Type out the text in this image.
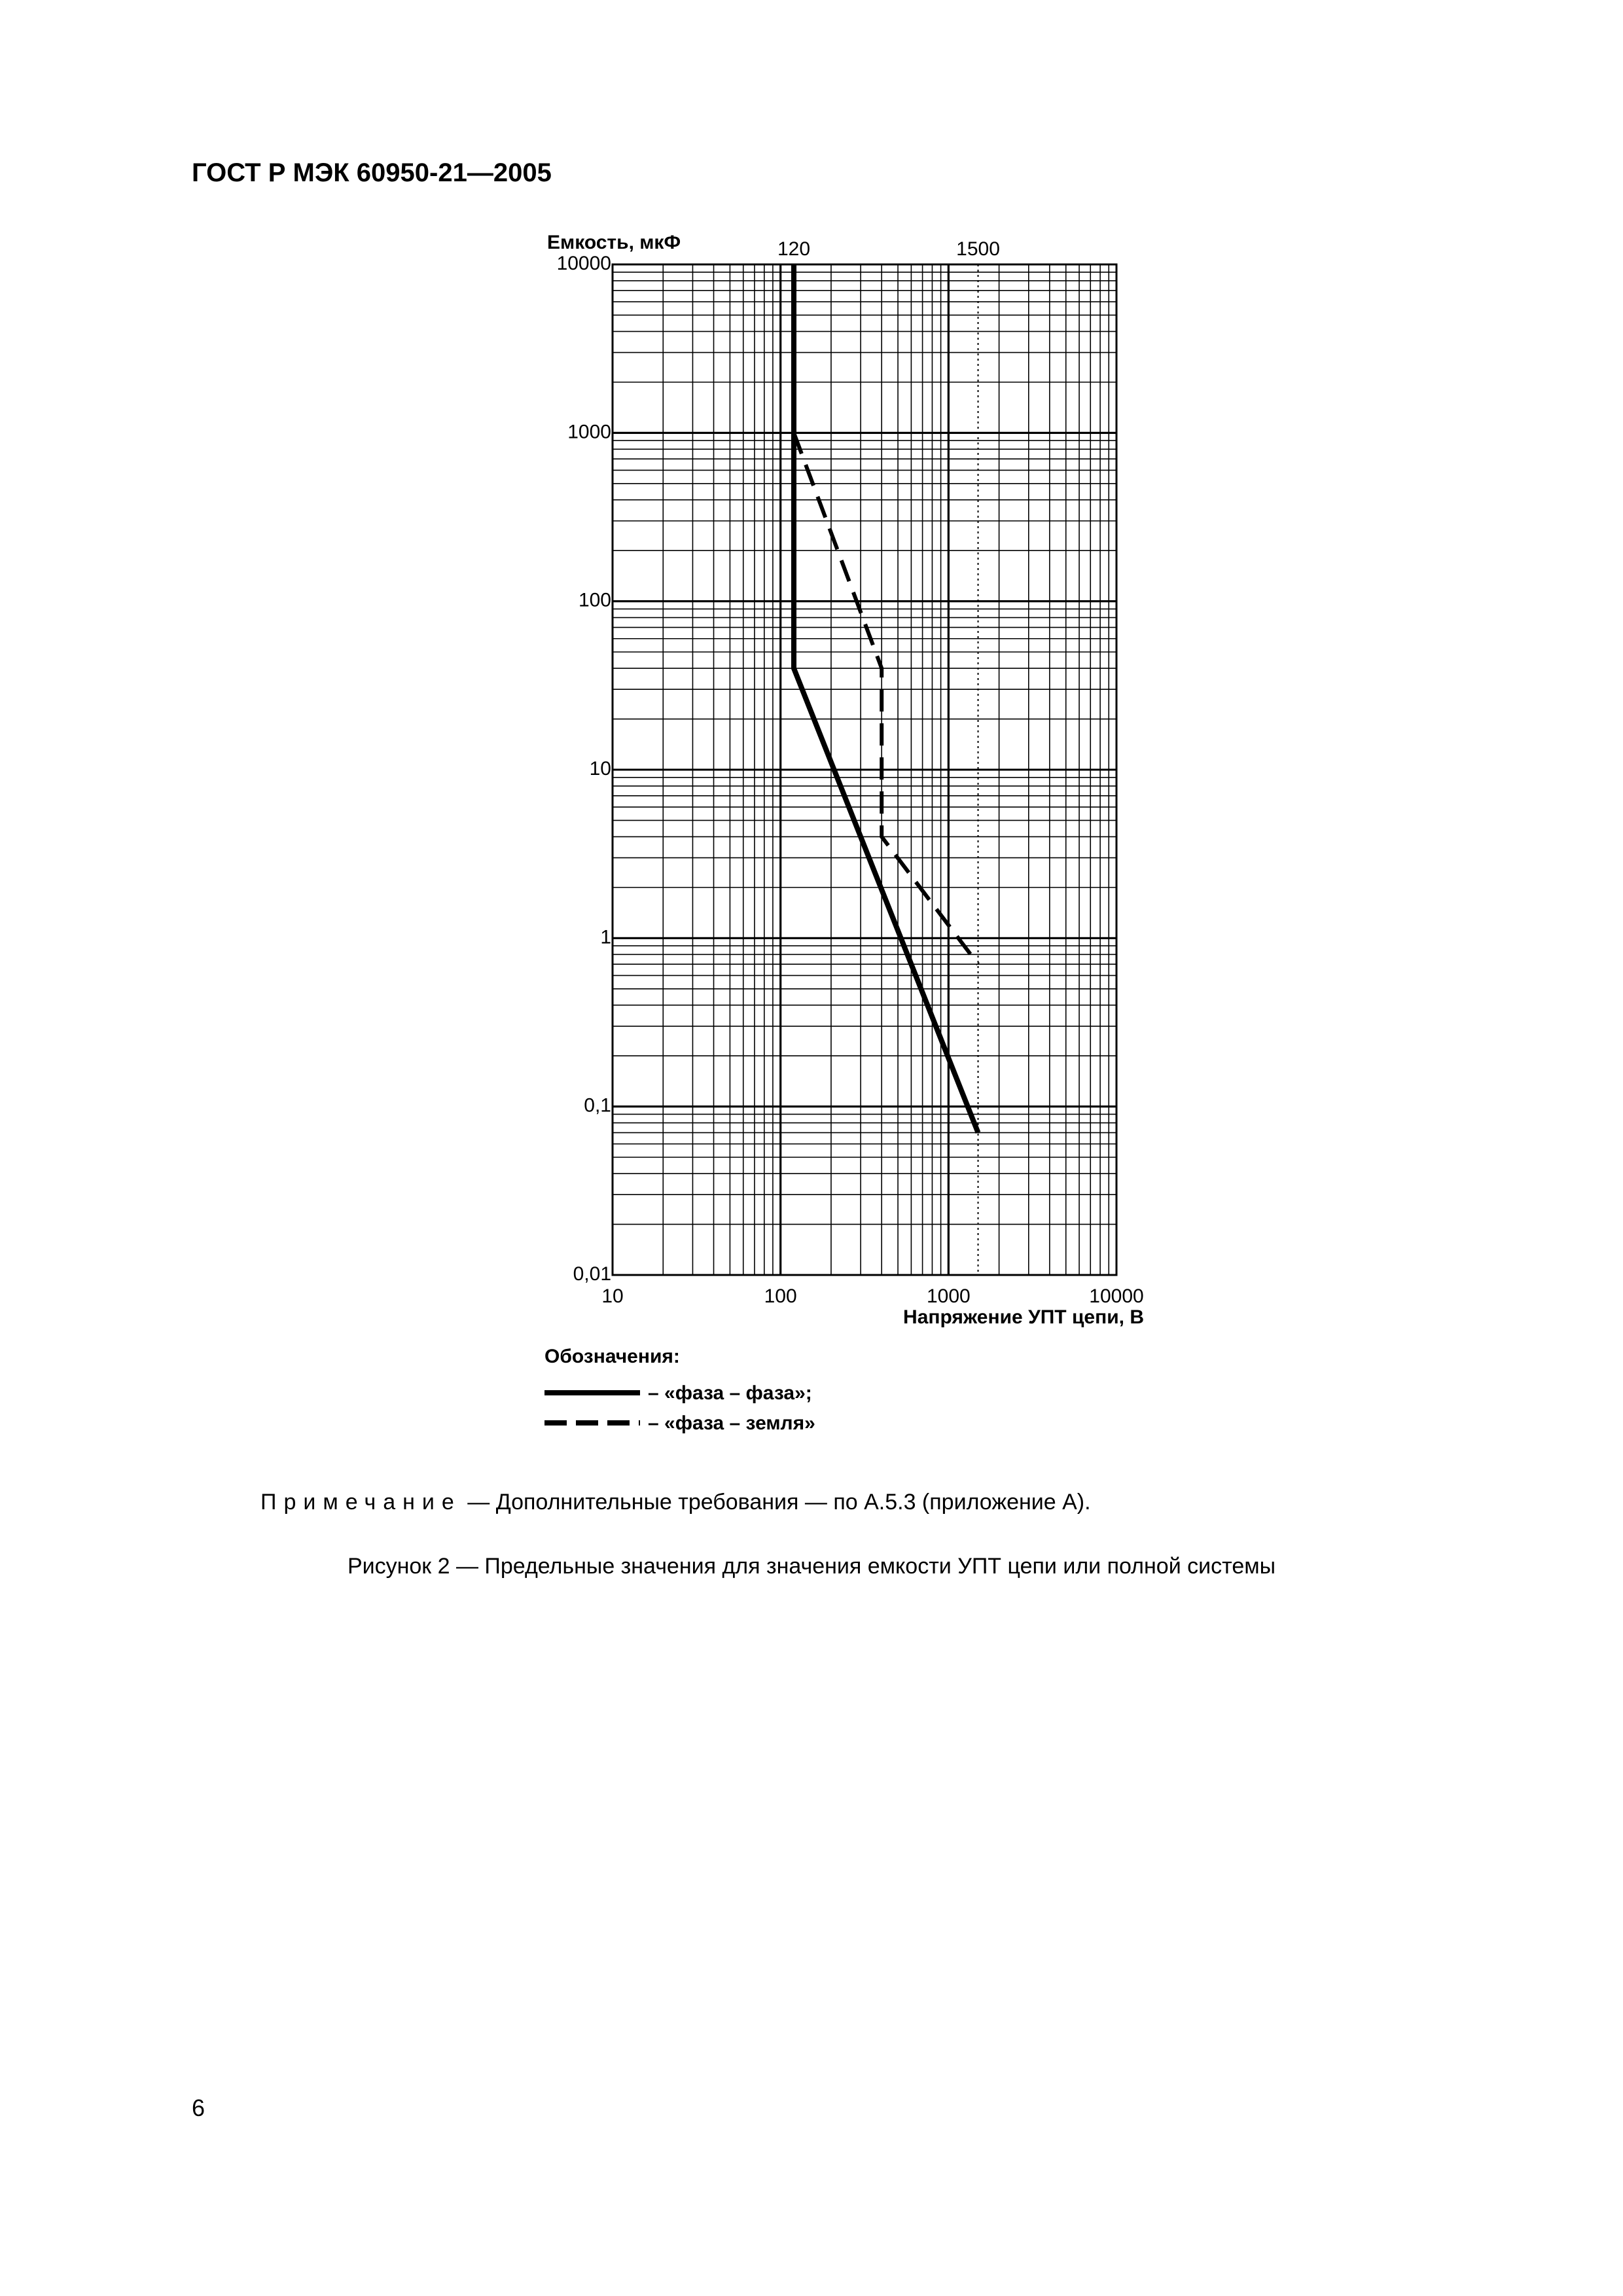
ГОСТ Р МЭК 60950-21—2005
Емкость, мкФ
Напряжение УПТ цепи, В
Обозначения:
10	100	1000	10000
0,01
0,1
1
10
100
1000
10000
120	1500
– «фаза – фаза»;
– «фаза – земля»
Примечание — Дополнительные требования — по А.5.3 (приложение А).
Рисунок 2 — Предельные значения для значения емкости УПТ цепи или полной системы
6
